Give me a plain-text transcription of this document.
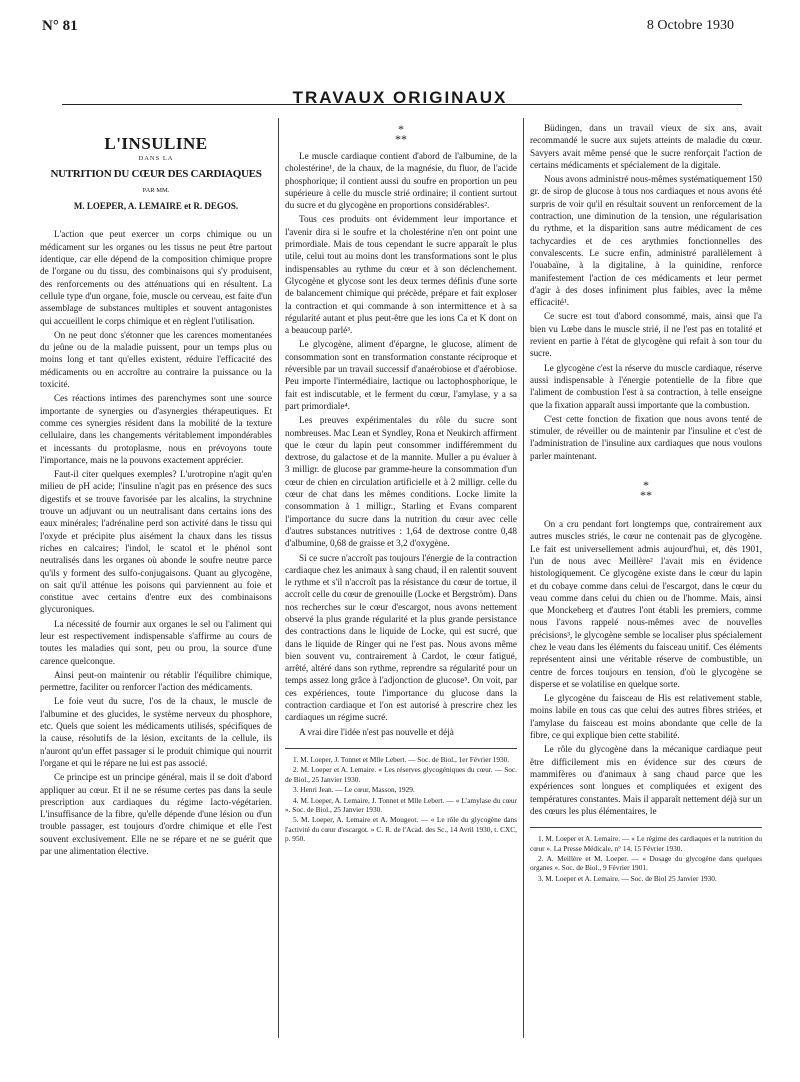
N° 81	8 Octobre 1930
TRAVAUX ORIGINAUX
L'INSULINE
DANS LA
NUTRITION DU CŒUR DES CARDIAQUES
PAR MM.
M. LOEPER, A. LEMAIRE et R. DEGOS.

L'action que peut exercer un corps chimique ou un médicament sur les organes ou les tissus ne peut être partout identique, car elle dépend de la composition chimique propre de l'organe ou du tissu, des combinaisons qui s'y produisent, des renforcements ou des atténuations qui en résultent. La cellule type d'un organe, foie, muscle ou cerveau, est faite d'un assemblage de substances multiples et souvent antagonistes qui accueillent le corps chimique et en règlent l'utilisation.

On ne peut donc s'étonner que les carences momentanées du jeûne ou de la maladie puissent, pour un temps plus ou moins long et tant qu'elles existent, réduire l'efficacité des médicaments ou en accroître au contraire la puissance ou la toxicité.

Ces réactions intimes des parenchymes sont une source importante de synergies ou d'asynergies thérapeutiques. Et comme ces synergies résident dans la mobilité de la texture cellulaire, dans les changements véritablement impondérables et incessants du protoplasme, nous en prévoyons toute l'importance, mais ne la pouvons exactement apprécier.

Faut-il citer quelques exemples? L'urotropine n'agit qu'en milieu de pH acide; l'insuline n'agit pas en présence des sucs digestifs et se trouve favorisée par les alcalins, la strychnine trouve un adjuvant ou un neutralisant dans certains ions des eaux minérales; l'adrénaline perd son activité dans le tissu qui l'oxyde et précipite plus aisément la chaux dans les tissus riches en calcaires; l'indol, le scatol et le phénol sont neutralisés dans les organes où abonde le soufre neutre parce qu'ils y forment des sulfo-conjugaisons. Quant au glycogène, on sait qu'il atténue les poisons qui parviennent au foie et constitue avec certains d'entre eux des combinaisons glycuroniques.

La nécessité de fournir aux organes le sel ou l'aliment qui leur est respectivement indispensable s'affirme au cours de toutes les maladies qui sont, peu ou prou, la source d'une carence quelconque.

Ainsi peut-on maintenir ou rétablir l'équilibre chimique, permettre, faciliter ou renforcer l'action des médicaments.

Le foie veut du sucre, l'os de la chaux, le muscle de l'albumine et des glucides, le système nerveux du phosphore, etc. Quels que soient les médicaments utilisés, spécifiques de la cause, résolutifs de la lésion, excitants de la cellule, ils n'auront qu'un effet passager si le produit chimique qui nourrit l'organe et qui le répare ne lui est pas associé.

Ce principe est un principe général, mais il se doit d'abord appliquer au cœur. Et il ne se résume certes pas dans la seule prescription aux cardiaques du régime lacto-végétarien. L'insuffisance de la fibre, qu'elle dépende d'une lésion ou d'un trouble passager, est toujours d'ordre chimique et elle l'est souvent exclusivement. Elle ne se répare et ne se guérit que par une alimentation élective.

*
**

Le muscle cardiaque contient d'abord de l'albumine, de la cholestérine¹, de la chaux, de la magnésie, du fluor, de l'acide phosphorique; il contient aussi du soufre en proportion un peu supérieure à celle du muscle strié ordinaire; il contient surtout du sucre et du glycogène en proportions considérables².

Tous ces produits ont évidemment leur importance et l'avenir dira si le soufre et la cholestérine n'en ont point une primordiale. Mais de tous cependant le sucre apparaît le plus utile, celui tout au moins dont les transformations sont le plus indispensables au rythme du cœur et à son déclenchement. Glycogène et glycose sont les deux termes définis d'une sorte de balancement chimique qui précède, prépare et fait exploser la contraction et qui commande à son intermittence et à sa régularité autant et plus peut-être que les ions Ca et K dont on a beaucoup parlé³.

Le glycogène, aliment d'épargne, le glucose, aliment de consommation sont en transformation constante réciproque et réversible par un travail successif d'anaérobiose et d'aérobiose. Peu importe l'intermédiaire, lactique ou lactophosphorique, le fait est indiscutable, et le ferment du cœur, l'amylase, y a sa part primordiale⁴.

Les preuves expérimentales du rôle du sucre sont nombreuses. Mac Lean et Syndley, Rona et Neukirch affirment que le cœur du lapin peut consommer indifféremment du dextrose, du galactose et de la mannite. Muller a pu évaluer à 3 milligr. de glucose par gramme-heure la consommation d'un cœur de chien en circulation artificielle et à 2 milligr. celle du cœur de chat dans les mêmes conditions. Locke limite la consommation à 1 milligr., Starling et Evans comparent l'importance du sucre dans la nutrition du cœur avec celle d'autres substances nutritives : 1,64 de dextrose contre 0,48 d'albumine, 0,68 de graisse et 3,2 d'oxygène.

Si ce sucre n'accroît pas toujours l'énergie de la contraction cardiaque chez les animaux à sang chaud, il en ralentit souvent le rythme et s'il n'accroît pas la résistance du cœur de tortue, il accroît celle du cœur de grenouille (Locke et Bergström). Dans nos recherches sur le cœur d'escargot, nous avons nettement observé la plus grande régularité et la plus grande persistance des contractions dans le liquide de Locke, qui est sucré, que dans le liquide de Ringer qui ne l'est pas. Nous avons même bien souvent vu, contrairement à Cardot, le cœur fatigué, arrêté, altéré dans son rythme, reprendre sa régularité pour un temps assez long grâce à l'adjonction de glucose⁵. On voit, par ces expériences, toute l'importance du glucose dans la contraction cardiaque et l'on est autorisé à prescrire chez les cardiaques un régime sucré.

A vrai dire l'idée n'est pas nouvelle et déjà

1. M. Loeper, J. Tonnet et Mlle Lebert. — Soc. de Biol., 1er Février 1930.

2. M. Loeper et A. Lemaire. « Les réserves glycogéniques du cœur. — Soc. de Biol., 25 Janvier 1930.

3. Henri Jean. — Le cœur, Masson, 1929.

4. M. Loeper, A. Lemaire, J. Tonnet et Mlle Lebert. — « L'amylase du cœur ». Soc. de Biol., 25 Janvier 1930.

5. M. Loeper, A. Lemaire et A. Mougeot. — « Le rôle du glycogène dans l'activité du cœur d'escargot. » C. R. de l'Acad. des Sc., 14 Avril 1930, t. CXC, p. 950.

Büdingen, dans un travail vieux de six ans, avait recommandé le sucre aux sujets atteints de maladie du cœur. Savyers avait même pensé que le sucre renforçait l'action de certains médicaments et spécialement de la digitale.

Nous avons administré nous-mêmes systématiquement 150 gr. de sirop de glucose à tous nos cardiaques et nous avons été surpris de voir qu'il en résultait souvent un renforcement de la contraction, une diminution de la tension, une régularisation du rythme, et la disparition sans autre médicament de ces tachycardies et de ces arythmies fonctionnelles des convalescents. Le sucre enfin, administré parallèlement à l'ouabaïne, à la digitaline, à la quinidine, renforce manifestement l'action de ces médicaments et leur permet d'agir à des doses infiniment plus faibles, avec la même efficacité¹.

Ce sucre est tout d'abord consommé, mais, ainsi que l'a bien vu Lœbe dans le muscle strié, il ne l'est pas en totalité et revient en partie à l'état de glycogène qui refait à son tour du sucre.

Le glycogène c'est la réserve du muscle cardiaque, réserve aussi indispensable à l'énergie potentielle de la fibre que l'aliment de combustion l'est à sa contraction, à telle enseigne que la fixation apparaît aussi importante que la combustion.

C'est cette fonction de fixation que nous avons tenté de stimuler, de réveiller ou de maintenir par l'insuline et c'est de l'administration de l'insuline aux cardiaques que nous voulons parler maintenant.

*
**

On a cru pendant fort longtemps que, contrairement aux autres muscles striés, le cœur ne contenait pas de glycogène. Le fait est universellement admis aujourd'hui, et, dès 1901, l'un de nous avec Meillère² l'avait mis en évidence histologiquement. Ce glycogène existe dans le cœur du lapin et du cobaye comme dans celui de l'escargot, dans le cœur du veau comme dans celui du chien ou de l'homme. Mais, ainsi que Monckeberg et d'autres l'ont établi les premiers, comme nous l'avons rappelé nous-mêmes avec de nouvelles précisions³, le glycogène semble se localiser plus spécialement chez le veau dans les éléments du faisceau unitif. Ces éléments représentent ainsi une véritable réserve de combustible, un centre de forces toujours en tension, d'où le glycogène se disperse et se volatilise en quelque sorte.

Le glycogène du faisceau de His est relativement stable, moins labile en tous cas que celui des autres fibres striées, et l'amylase du faisceau est moins abondante que celle de la fibre, ce qui explique bien cette stabilité.

Le rôle du glycogène dans la mécanique cardiaque peut être difficilement mis en évidence sur des cœurs de mammifères ou d'animaux à sang chaud parce que les expériences sont longues et compliquées et exigent des températures constantes. Mais il apparaît nettement déjà sur un des cœurs les plus élémentaires, le

1. M. Loeper et A. Lemaire. — « Le régime des cardiaques et la nutrition du cœur ». La Presse Médicale, n° 14, 15 Février 1930.

2. A. Meillère et M. Loeper. — « Dosage du glycogène dans quelques organes ». Soc. de Biol., 9 Février 1901.

3. M. Loeper et A. Lemaire. — Soc. de Biol 25 Janvier 1930.
